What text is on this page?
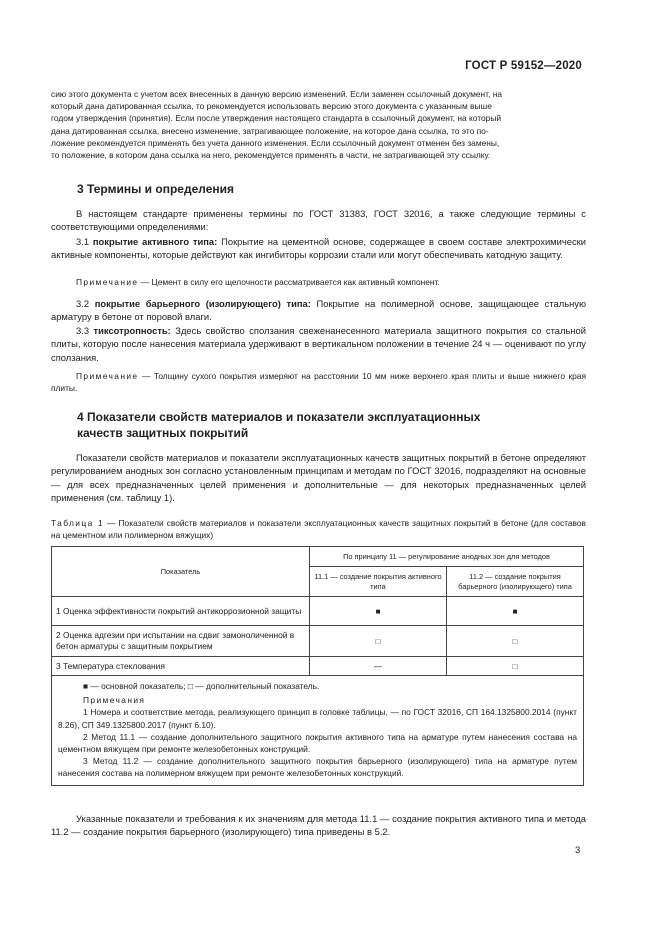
ГОСТ Р 59152—2020
сию этого документа с учетом всех внесенных в данную версию изменений. Если заменен ссылочный документ, на
который дана датированная ссылка, то рекомендуется использовать версию этого документа с указанным выше
годом утверждения (принятия). Если после утверждения настоящего стандарта в ссылочный документ, на который
дана датированная ссылка, внесено изменение, затрагивающее положение, на которое дана ссылка, то это по-
ложение рекомендуется применять без учета данного изменения. Если ссылочный документ отменен без замены,
то положение, в котором дана ссылка на него, рекомендуется применять в части, не затрагивающей эту ссылку.
3 Термины и определения
В настоящем стандарте применены термины по ГОСТ 31383, ГОСТ 32016, а также следующие термины с соответствующими определениями:
3.1 покрытие активного типа: Покрытие на цементной основе, содержащее в своем составе электрохимически активные компоненты, которые действуют как ингибиторы коррозии стали или могут обеспечивать катодную защиту.
Примечание — Цемент в силу его щелочности рассматривается как активный компонент.
3.2 покрытие барьерного (изолирующего) типа: Покрытие на полимерной основе, защищающее стальную арматуру в бетоне от поровой влаги.
3.3 тиксотропность: Здесь свойство сползания свеженанесенного материала защитного покрытия со стальной плиты, которую после нанесения материала удерживают в вертикальном положении в течение 24 ч — оценивают по углу сползания.
Примечание — Толщину сухого покрытия измеряют на расстоянии 10 мм ниже верхнего края плиты и выше нижнего края плиты.
4 Показатели свойств материалов и показатели эксплуатационных
качеств защитных покрытий
Показатели свойств материалов и показатели эксплуатационных качеств защитных покрытий в бетоне определяют регулированием анодных зон согласно установленным принципам и методам по ГОСТ 32016, подразделяют на основные — для всех предназначенных целей применения и дополнительные — для некоторых предназначенных целей применения (см. таблицу 1).
Таблица 1 — Показатели свойств материалов и показатели эксплуатационных качеств защитных покрытий в бетоне (для составов на цементном или полимерном вяжущих)
Показатель	По принципу 11 — регулирование анодных зон для методов	
	11.1 — создание покрытия активного типа	11.2 — создание покрытия барьерного (изолирующего) типа
1 Оценка эффективности покрытий антикоррозионной защиты	■	■
2 Оценка адгезии при испытании на сдвиг замоноличенной в бетон арматуры с защитным покрытием	□	□
3 Температура стеклования	—	□

■ — основной показатель; □ — дополнительный показатель.

Примечания

1 Номера и соответствие метода, реализующего принцип в головке таблицы, — по ГОСТ 32016, СП 164.1325800.2014 (пункт 8.26), СП 349.1325800.2017 (пункт 6.10).

2 Метод 11.1 — создание дополнительного защитного покрытия активного типа на арматуре путем нанесения состава на цементном вяжущем при ремонте железобетонных конструкций.

3 Метод 11.2 — создание дополнительного защитного покрытия барьерного (изолирующего) типа на арматуре путем нанесения состава на полимерном вяжущем при ремонте железобетонных конструкций.		

Указанные показатели и требования к их значениям для метода 11.1 — создание покрытия активного типа и метода 11.2 — создание покрытия барьерного (изолирующего) типа приведены в 5.2.
3
